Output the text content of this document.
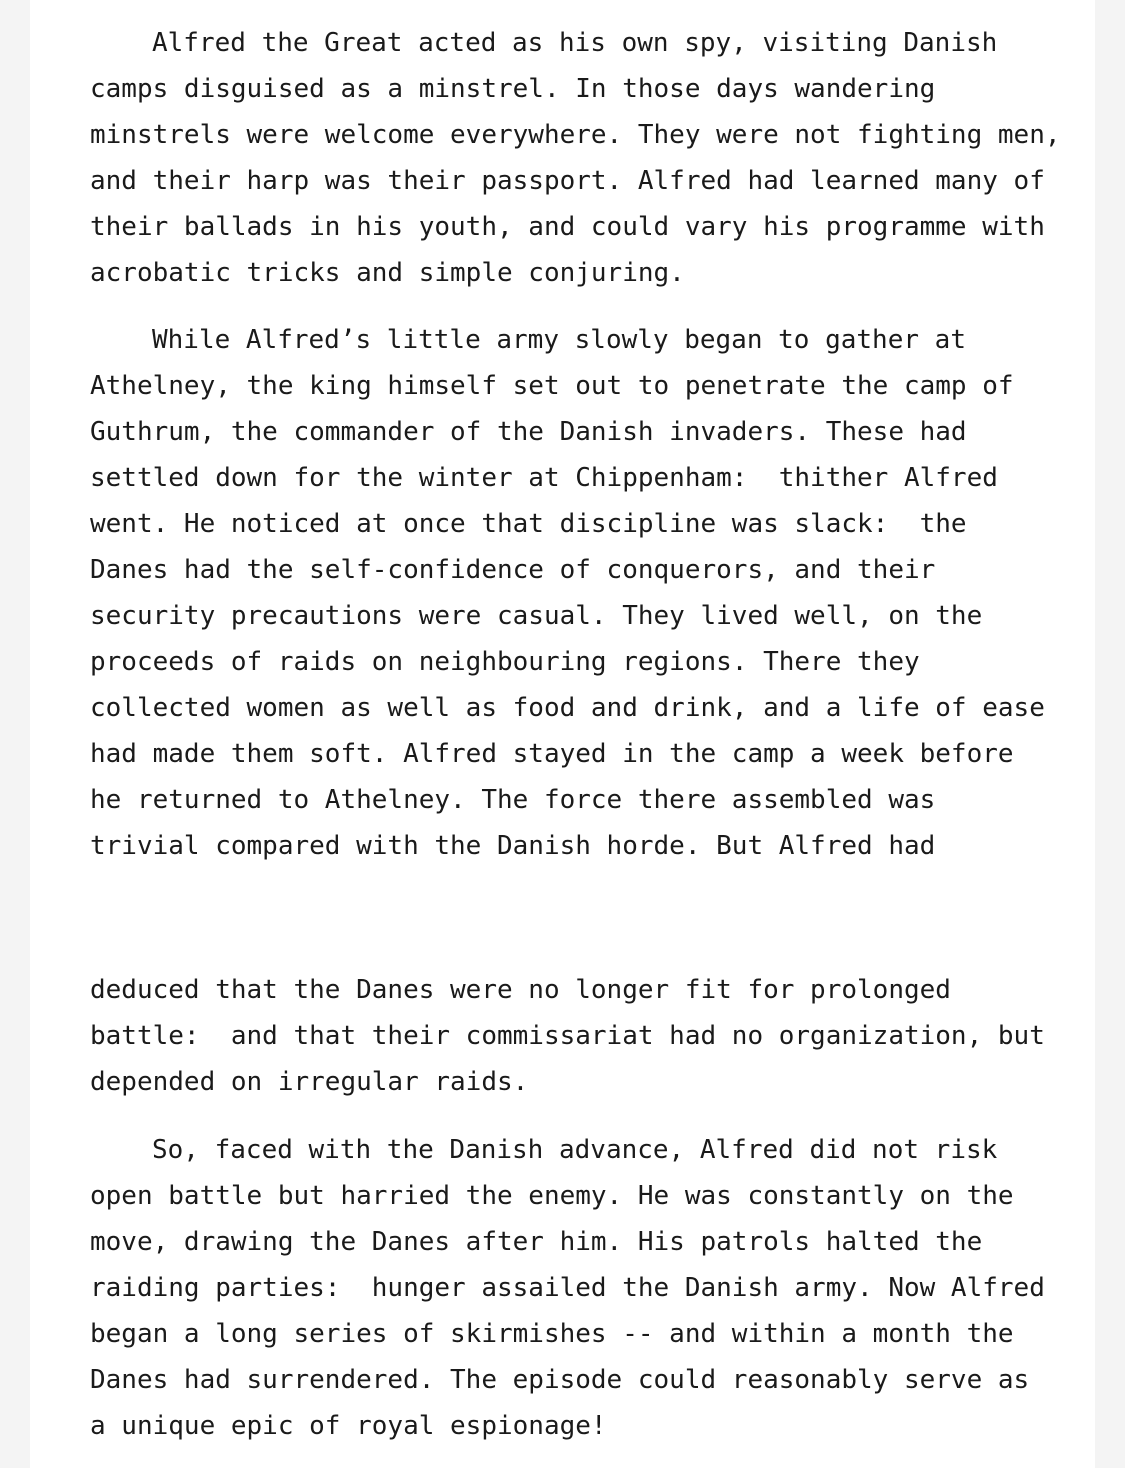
Alfred the Great acted as his own spy, visiting Danish
camps disguised as a minstrel. In those days wandering
minstrels were welcome everywhere. They were not fighting men,
and their harp was their passport. Alfred had learned many of
their ballads in his youth, and could vary his programme with
acrobatic tricks and simple conjuring.
While Alfred’s little army slowly began to gather at
Athelney, the king himself set out to penetrate the camp of
Guthrum, the commander of the Danish invaders. These had
settled down for the winter at Chippenham:  thither Alfred
went. He noticed at once that discipline was slack:  the
Danes had the self-confidence of conquerors, and their
security precautions were casual. They lived well, on the
proceeds of raids on neighbouring regions. There they
collected women as well as food and drink, and a life of ease
had made them soft. Alfred stayed in the camp a week before
he returned to Athelney. The force there assembled was
trivial compared with the Danish horde. But Alfred had
deduced that the Danes were no longer fit for prolonged
battle:  and that their commissariat had no organization, but
depended on irregular raids.
So, faced with the Danish advance, Alfred did not risk
open battle but harried the enemy. He was constantly on the
move, drawing the Danes after him. His patrols halted the
raiding parties:  hunger assailed the Danish army. Now Alfred
began a long series of skirmishes -- and within a month the
Danes had surrendered. The episode could reasonably serve as
a unique epic of royal espionage!
